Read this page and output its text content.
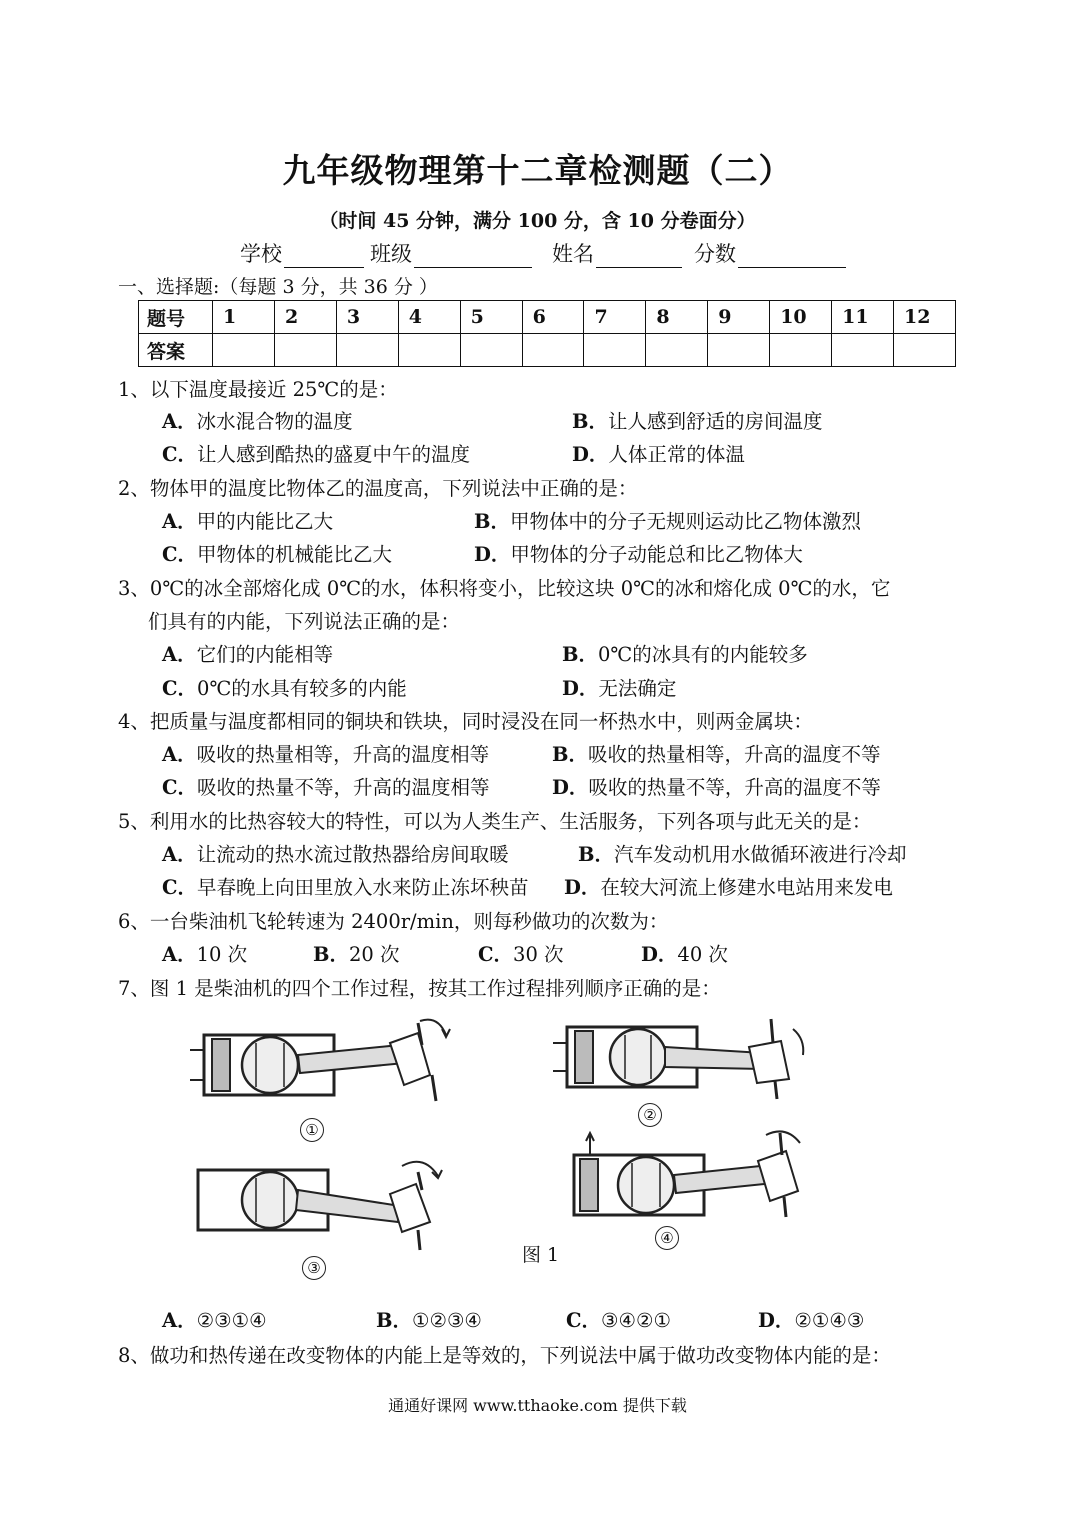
九年级物理第十二章检测题（二）
（时间 45 分钟，满分 100 分，含 10 分卷面分）
学校	班级	姓名	分数
一、选择题:（每题 3 分，共 36 分 ）
题号	1	2	3	4	5	6	7	8	9	10	11	12
答案												
1、以下温度最接近 25℃的是：
A．冰水混合物的温度	B．让人感到舒适的房间温度
C．让人感到酷热的盛夏中午的温度	D．人体正常的体温
2、物体甲的温度比物体乙的温度高，下列说法中正确的是：
A．甲的内能比乙大	B．甲物体中的分子无规则运动比乙物体激烈
C．甲物体的机械能比乙大	D．甲物体的分子动能总和比乙物体大
3、0℃的冰全部熔化成 0℃的水，体积将变小，比较这块 0℃的冰和熔化成 0℃的水，它
们具有的内能，下列说法正确的是：
A．它们的内能相等	B．0℃的冰具有的内能较多
C．0℃的水具有较多的内能	D．无法确定
4、把质量与温度都相同的铜块和铁块，同时浸没在同一杯热水中，则两金属块：
A．吸收的热量相等，升高的温度相等	B．吸收的热量相等，升高的温度不等
C．吸收的热量不等，升高的温度相等	D．吸收的热量不等，升高的温度不等
5、利用水的比热容较大的特性，可以为人类生产、生活服务，下列各项与此无关的是：
A．让流动的热水流过散热器给房间取暖	B．汽车发动机用水做循环液进行冷却
C．早春晚上向田里放入水来防止冻坏秧苗 D．在较大河流上修建水电站用来发电
6、一台柴油机飞轮转速为 2400r/min，则每秒做功的次数为：
A．10 次	B．20 次	C．30 次	D．40 次
7、图 1 是柴油机的四个工作过程，按其工作过程排列顺序正确的是：
①
②
③
④
图 1
A．②③①④	B．①②③④	C．③④②①	D．②①④③
8、做功和热传递在改变物体的内能上是等效的，下列说法中属于做功改变物体内能的是：
通通好课网 www.tthaoke.com 提供下载
